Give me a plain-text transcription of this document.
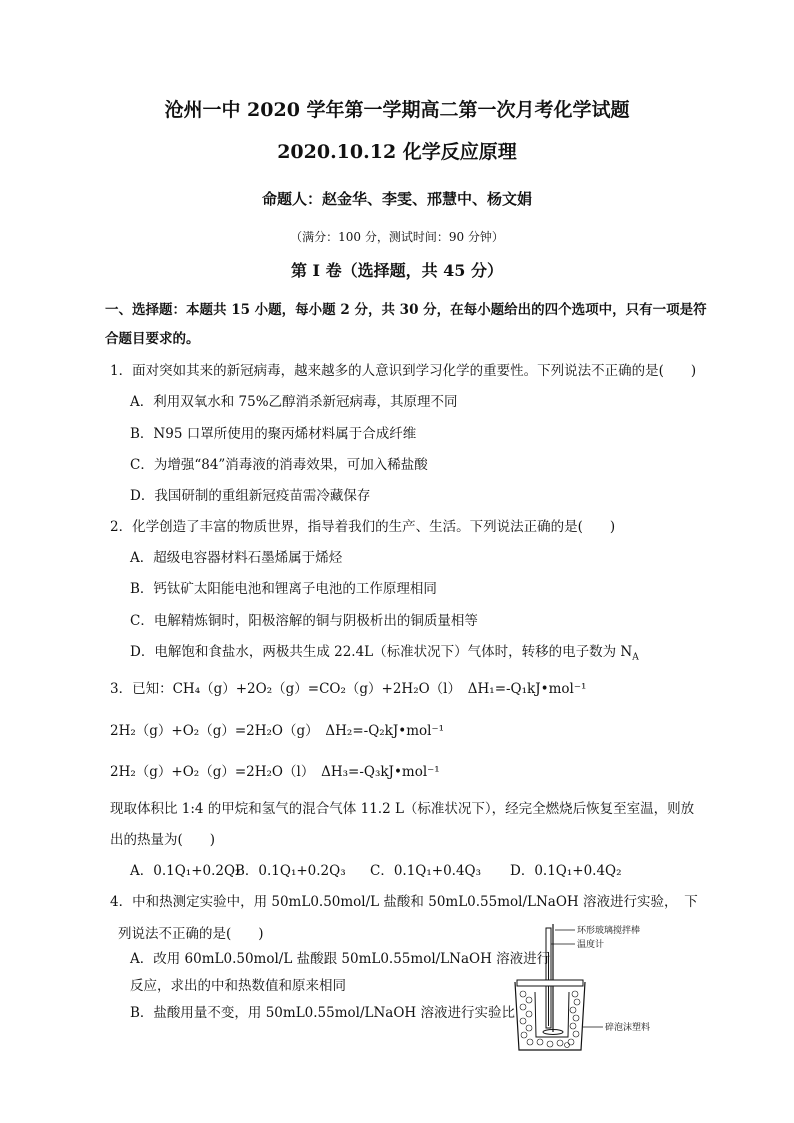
沧州一中 2020 学年第一学期高二第一次月考化学试题
2020.10.12 化学反应原理
命题人：赵金华、李雯、邢慧中、杨文娟
（满分：100 分，测试时间：90 分钟）
第 I 卷（选择题，共 45 分）
一、选择题：本题共 15 小题，每小题 2 分，共 30 分，在每小题给出的四个选项中，只有一项是符
合题目要求的。
1．面对突如其来的新冠病毒，越来越多的人意识到学习化学的重要性。下列说法不正确的是(　　)
A．利用双氧水和 75%乙醇消杀新冠病毒，其原理不同
B．N95 口罩所使用的聚丙烯材料属于合成纤维
C．为增强“84”消毒液的消毒效果，可加入稀盐酸
D．我国研制的重组新冠疫苗需冷藏保存
2．化学创造了丰富的物质世界，指导着我们的生产、生活。下列说法正确的是(　　)
A．超级电容器材料石墨烯属于烯烃
B．钙钛矿太阳能电池和锂离子电池的工作原理相同
C．电解精炼铜时，阳极溶解的铜与阴极析出的铜质量相等
D．电解饱和食盐水，两极共生成 22.4L（标准状况下）气体时，转移的电子数为 $N_A$
3．已知：CH₄（g）+2O₂（g）=CO₂（g）+2H₂O（l）　ΔH₁=-Q₁kJ•mol⁻¹
2H₂（g）+O₂（g）=2H₂O（g）　ΔH₂=-Q₂kJ•mol⁻¹
2H₂（g）+O₂（g）=2H₂O（l）　ΔH₃=-Q₃kJ•mol⁻¹
现取体积比 1:4 的甲烷和氢气的混合气体 11.2 L（标准状况下），经完全燃烧后恢复至室温，则放
出的热量为(　　)
A．0.1Q₁+0.2Q₂
B．0.1Q₁+0.2Q₃ C．0.1Q₁+0.4Q₃ D．0.1Q₁+0.4Q₂
4．中和热测定实验中，用 50mL0.50mol/L 盐酸和 50mL0.55mol/LNaOH 溶液进行实验，　下
列说法不正确的是(　　)
A．改用 60mL0.50mol/L 盐酸跟 50mL0.55mol/LNaOH 溶液进行
反应，求出的中和热数值和原来相同
B．盐酸用量不变，用 50mL0.55mol/LNaOH 溶液进行实验比
环形玻璃搅拌棒
温度计
碎泡沫塑料
